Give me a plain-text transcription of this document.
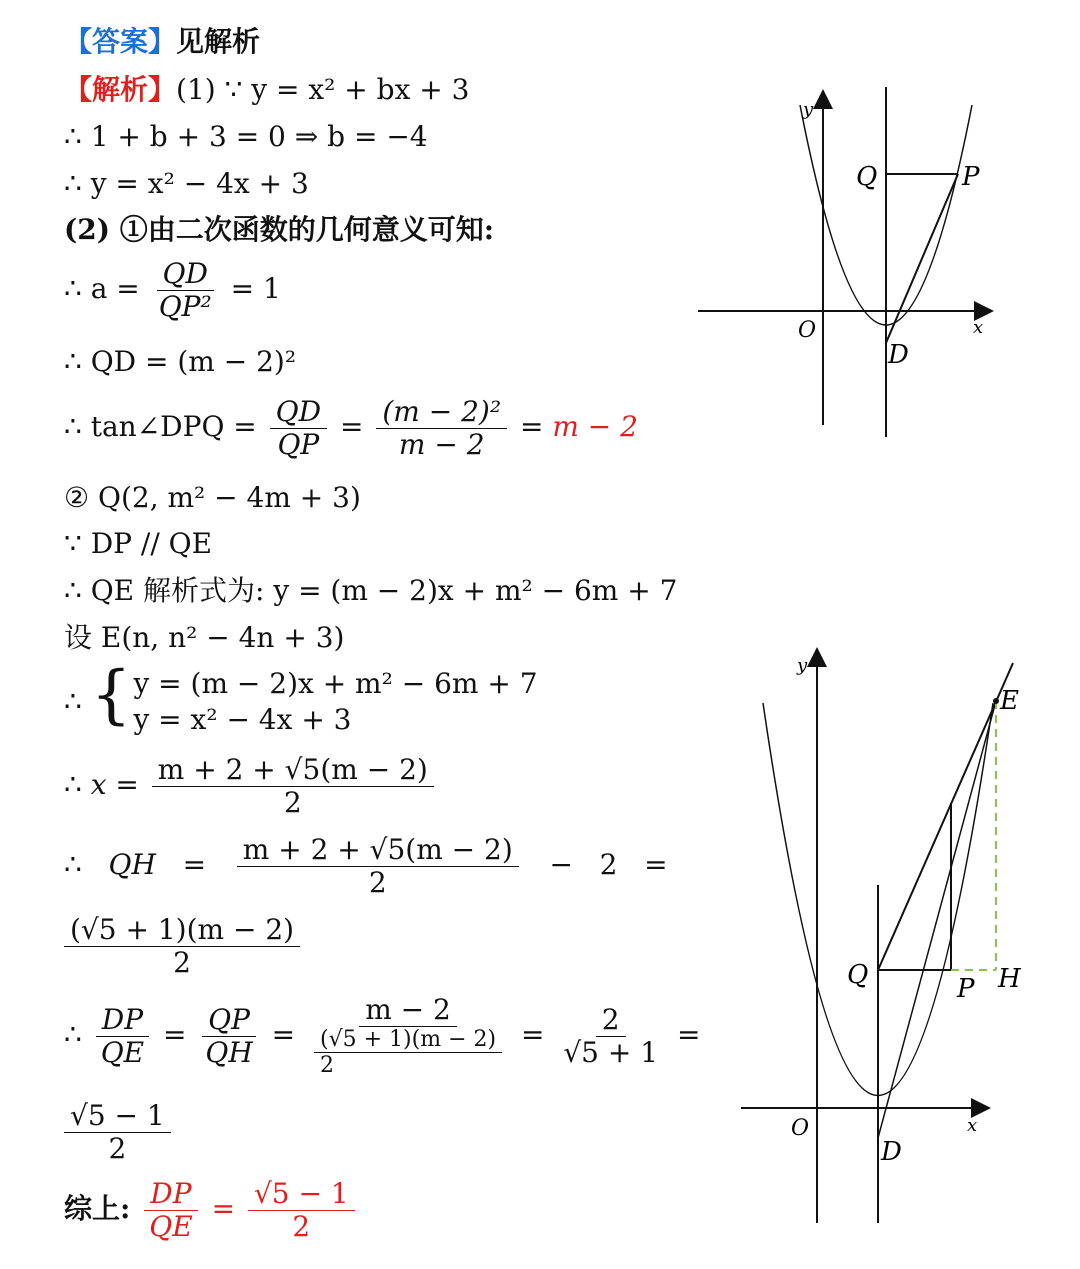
【答案】见解析
【解析】(1) ∵ y = x² + bx + 3
∴ 1 + b + 3 = 0 ⇒ b = −4
∴ y = x² − 4x + 3
(2) ①由二次函数的几何意义可知:
∴ $a = \frac{QD}{\text{QP²}} = 1$
∴ QD = (m − 2)²
∴ tan∠DPQ = $\frac{QD}{QP} = \frac{\text{(m − 2)²}}{m - 2} = m - 2$
② Q(2, m² − 4m + 3)
∵ DP // QE
∴ QE 解析式为: y = (m − 2)x + m² − 6m + 7
设 E(n, n² − 4n + 3)
∴ { y = (m − 2)x + m² − 6m + 7
y = x² − 4x + 3
∴ $x = \frac{m + 2 + √5(m - 2)}{2}$
∴   QH   = $\frac{m + 2 + √5(m - 2)}{2} - 2$   =
$\frac{(√5 + 1)(m - 2)}{2}$
∴ $\frac{DP}{QE} = \frac{QP}{QH} = \frac{m - 2}{\frac{(√5 + 1)(m - 2)}{2}} = \frac{2}{√5 + 1}$ =
$\frac{√5 - 1}{2}$
综上: $\frac{DP}{QE} = \frac{√5 - 1}{2}$
y
x
O
Q	P
D
y
x
O
Q	P
D
E
H
